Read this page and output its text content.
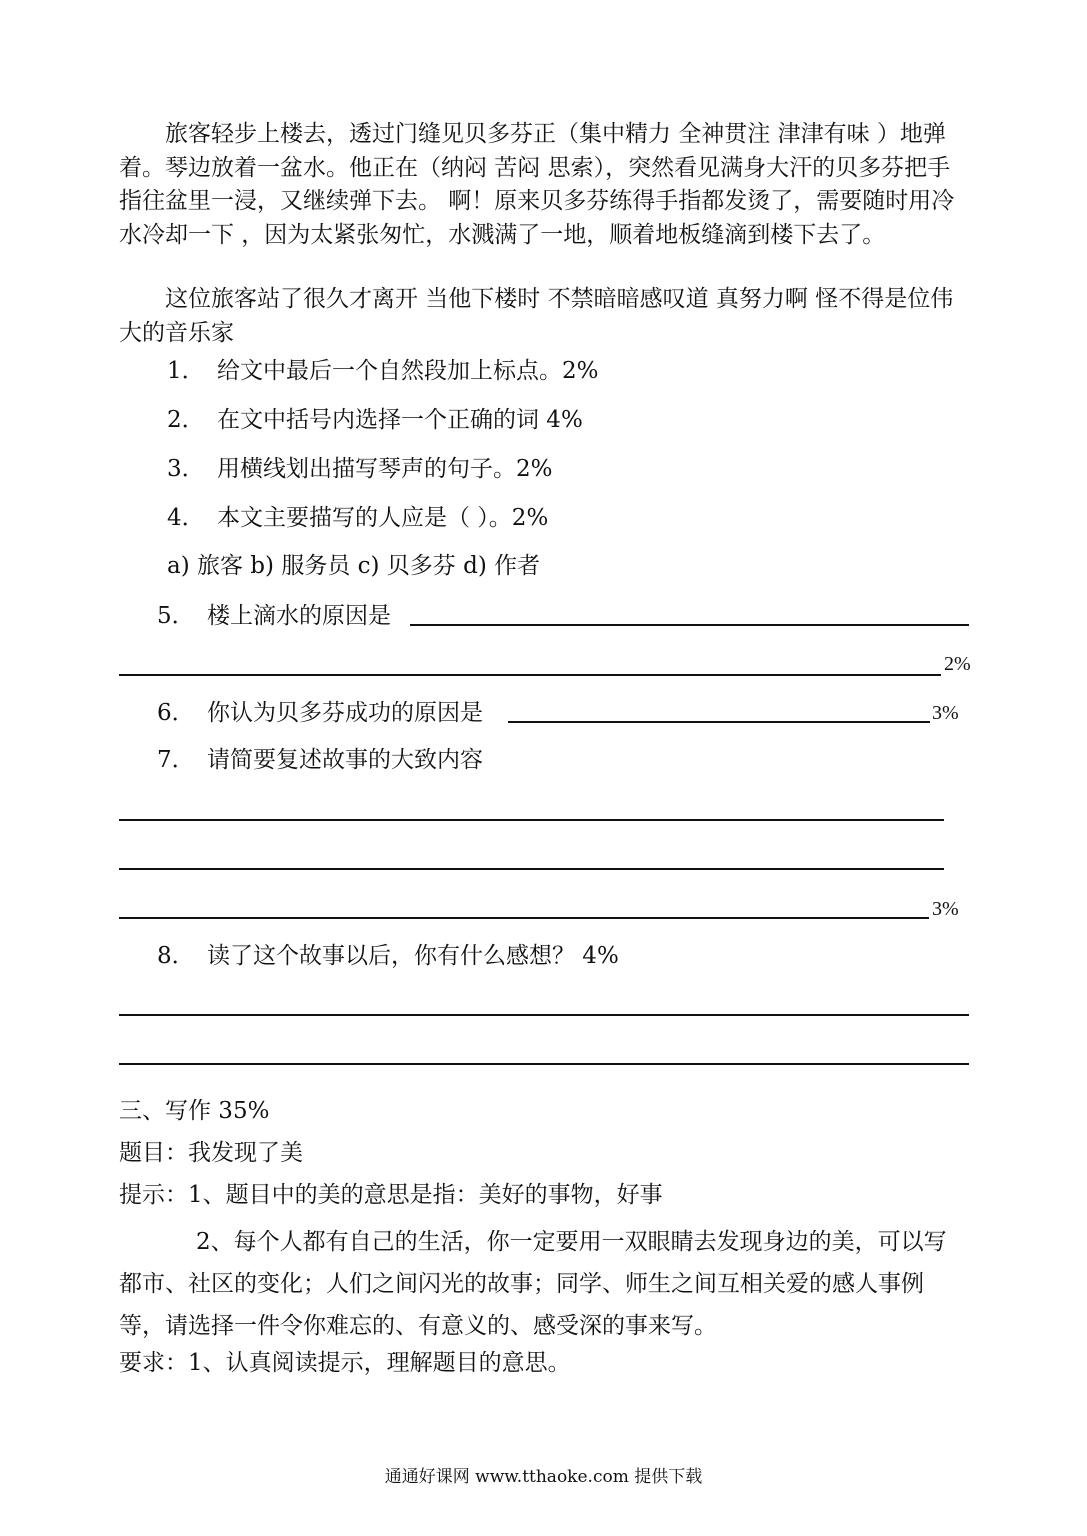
旅客轻步上楼去，透过门缝见贝多芬正（集中精力 全神贯注 津津有味 ）地弹着。琴边放着一盆水。他正在（纳闷 苦闷 思索），突然看见满身大汗的贝多芬把手指往盆里一浸，又继续弹下去。 啊！原来贝多芬练得手指都发烫了，需要随时用冷水冷却一下 ，因为太紧张匆忙，水溅满了一地，顺着地板缝滴到楼下去了。

这位旅客站了很久才离开 当他下楼时 不禁暗暗感叹道 真努力啊 怪不得是位伟大的音乐家

1． 给文中最后一个自然段加上标点。2%
2． 在文中括号内选择一个正确的词 4%
3． 用横线划出描写琴声的句子。2%
4． 本文主要描写的人应是（ ）。2%
a) 旅客 b) 服务员 c) 贝多芬 d) 作者
5． 楼上滴水的原因是
2%
6． 你认为贝多芬成功的原因是	3%
7． 请简要复述故事的大致内容
3%
8． 读了这个故事以后，你有什么感想？ 4%
三、写作 35%
题目：我发现了美
提示：1、题目中的美的意思是指：美好的事物，好事

2、每个人都有自己的生活，你一定要用一双眼睛去发现身边的美，可以写都市、社区的变化；人们之间闪光的故事；同学、师生之间互相关爱的感人事例等，请选择一件令你难忘的、有意义的、感受深的事来写。

要求：1、认真阅读提示，理解题目的意思。
通通好课网 www.tthaoke.com 提供下载
